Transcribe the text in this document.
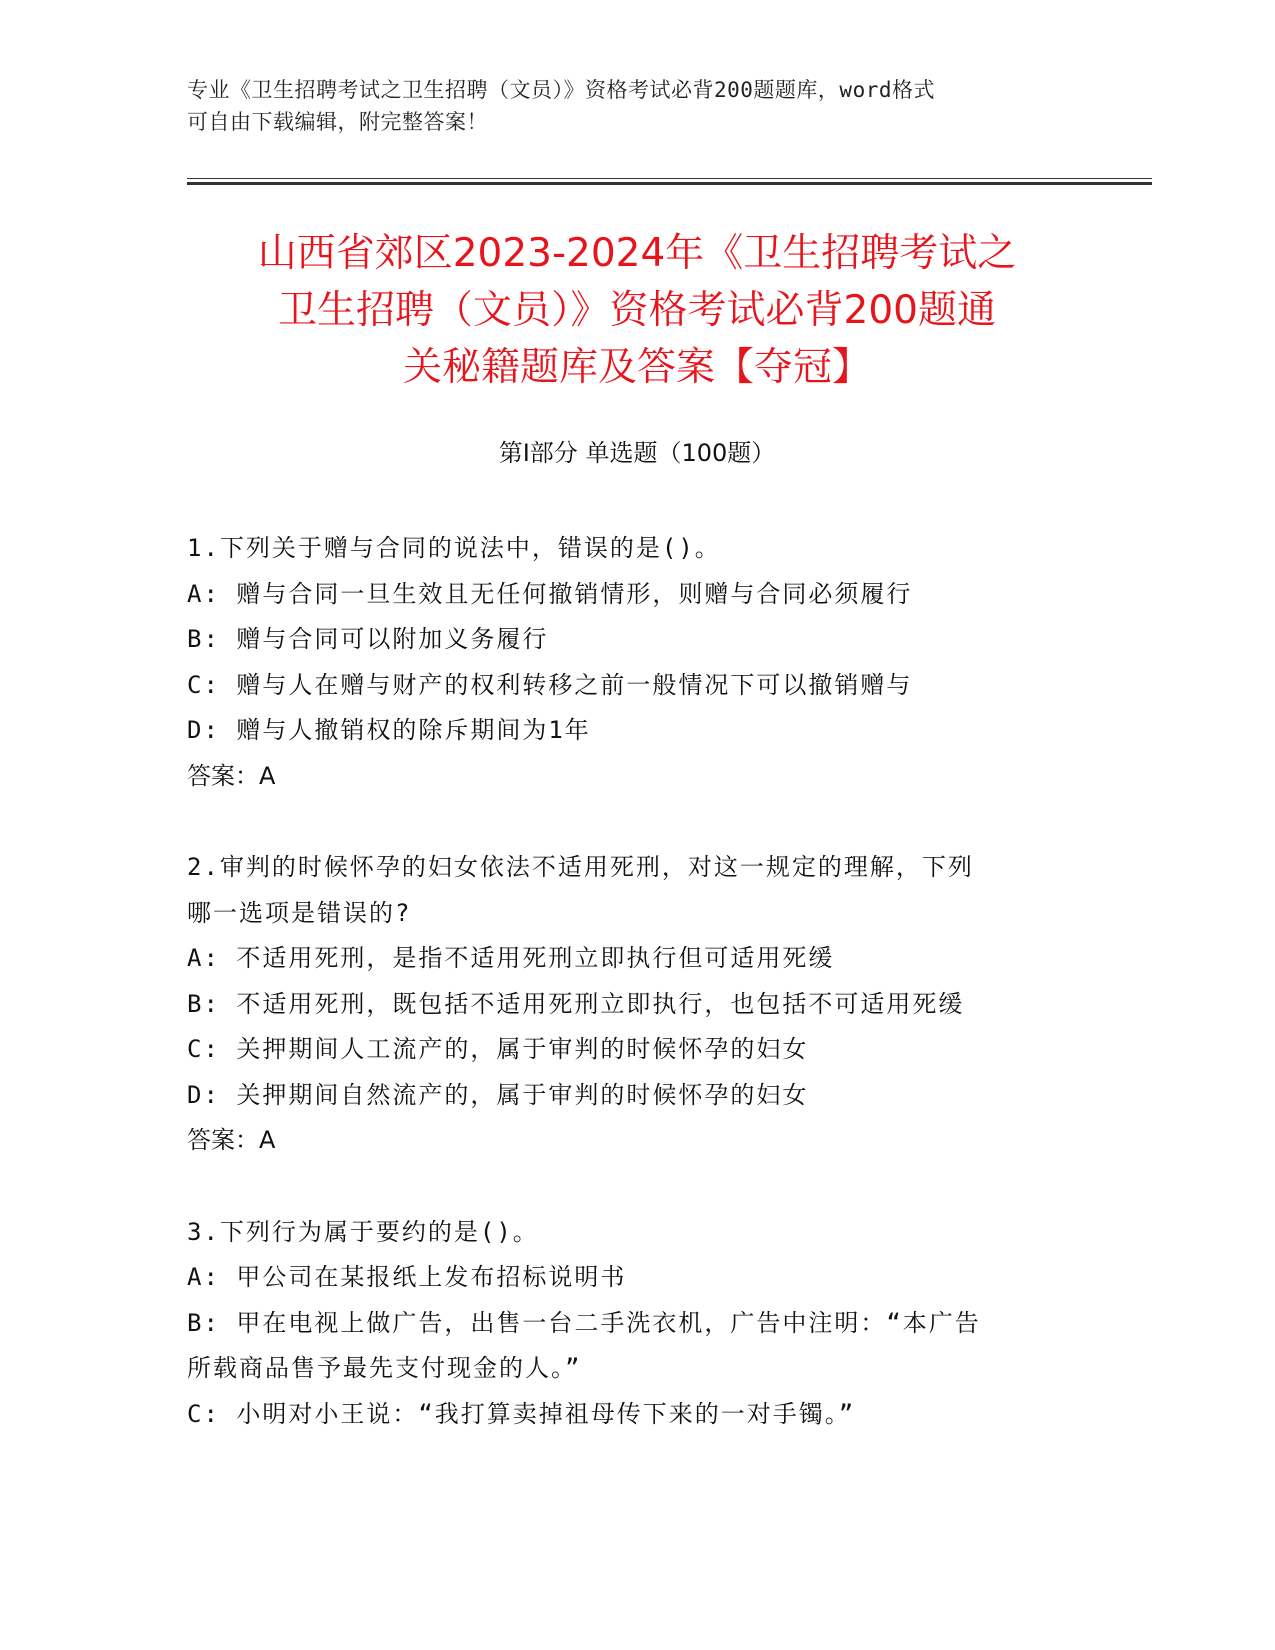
专业《卫生招聘考试之卫生招聘（文员）》资格考试必背200题题库，word格式
可自由下载编辑，附完整答案！
山西省郊区2023-2024年《卫生招聘考试之
卫生招聘（文员）》资格考试必背200题通
关秘籍题库及答案【夺冠】
第Ⅰ部分 单选题（100题）
1.下列关于赠与合同的说法中，错误的是()。
A: 赠与合同一旦生效且无任何撤销情形，则赠与合同必须履行
B: 赠与合同可以附加义务履行
C: 赠与人在赠与财产的权利转移之前一般情况下可以撤销赠与
D: 赠与人撤销权的除斥期间为1年
答案：A
2.审判的时候怀孕的妇女依法不适用死刑，对这一规定的理解，下列
哪一选项是错误的?
A: 不适用死刑，是指不适用死刑立即执行但可适用死缓
B: 不适用死刑，既包括不适用死刑立即执行，也包括不可适用死缓
C: 关押期间人工流产的，属于审判的时候怀孕的妇女
D: 关押期间自然流产的，属于审判的时候怀孕的妇女
答案：A
3.下列行为属于要约的是()。
A: 甲公司在某报纸上发布招标说明书
B: 甲在电视上做广告，出售一台二手洗衣机，广告中注明：“本广告
所载商品售予最先支付现金的人。”
C: 小明对小王说：“我打算卖掉祖母传下来的一对手镯。”
